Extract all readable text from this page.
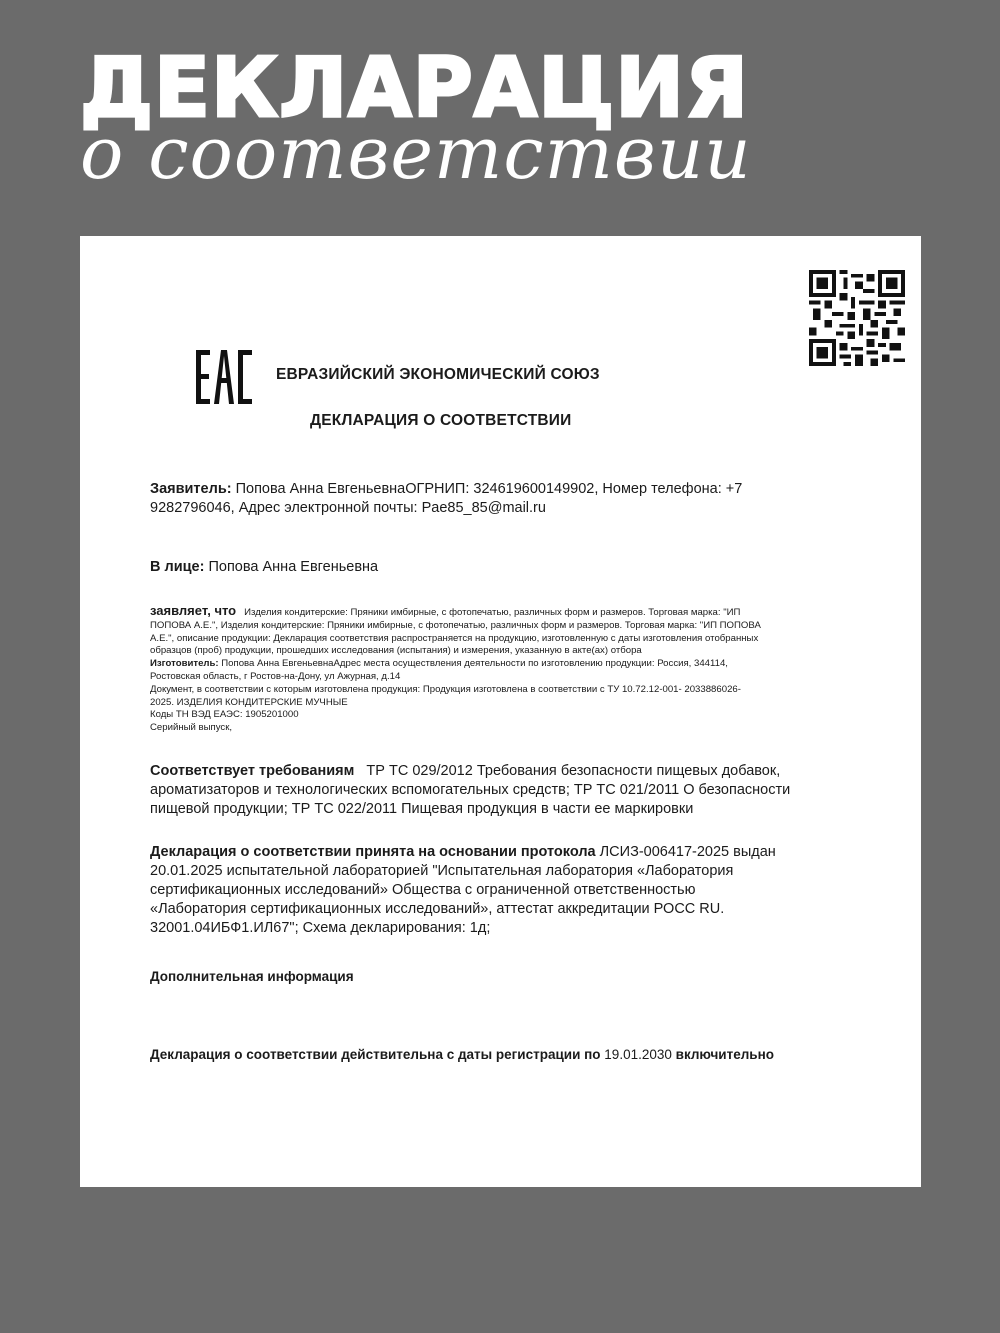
ДЕКЛАРАЦИЯ
о соответствии
ЕВРАЗИЙСКИЙ ЭКОНОМИЧЕСКИЙ СОЮЗ
ДЕКЛАРАЦИЯ О СООТВЕТСТВИИ
Заявитель: Попова Анна ЕвгеньевнаОГРНИП: 324619600149902, Номер телефона: +7
9282796046, Адрес электронной почты: Pae85_85@mail.ru
В лице: Попова Анна Евгеньевна
заявляет, что Изделия кондитерские: Пряники имбирные, с фотопечатью, различных форм и размеров. Торговая марка: "ИП
ПОПОВА А.Е.", Изделия кондитерские: Пряники имбирные, с фотопечатью, различных форм и размеров. Торговая марка: "ИП ПОПОВА
А.Е.", описание продукции: Декларация соответствия распространяется на продукцию, изготовленную с даты изготовления отобранных
образцов (проб) продукции, прошедших исследования (испытания) и измерения, указанную в акте(ах) отбора
Изготовитель: Попова Анна ЕвгеньевнаАдрес места осуществления деятельности по изготовлению продукции: Россия, 344114,
Ростовская область, г Ростов-на-Дону, ул Ажурная, д.14
Документ, в соответствии с которым изготовлена продукция: Продукция изготовлена в соответствии с ТУ 10.72.12-001- 2033886026-
2025. ИЗДЕЛИЯ КОНДИТЕРСКИЕ МУЧНЫЕ
Коды ТН ВЭД ЕАЭС: 1905201000
Серийный выпуск,
Соответствует требованиям ТР ТС 029/2012 Требования безопасности пищевых добавок,
ароматизаторов и технологических вспомогательных средств; ТР ТС 021/2011 О безопасности
пищевой продукции; ТР ТС 022/2011 Пищевая продукция в части ее маркировки
Декларация о соответствии принята на основании протокола ЛСИЗ-006417-2025 выдан
20.01.2025 испытательной лабораторией "Испытательная лаборатория «Лаборатория
сертификационных исследований» Общества с ограниченной ответственностью
«Лаборатория сертификационных исследований», аттестат аккредитации РОСС RU.
32001.04ИБФ1.ИЛ67"; Схема декларирования: 1д;
Дополнительная информация
Декларация о соответствии действительна с даты регистрации по 19.01.2030 включительно
